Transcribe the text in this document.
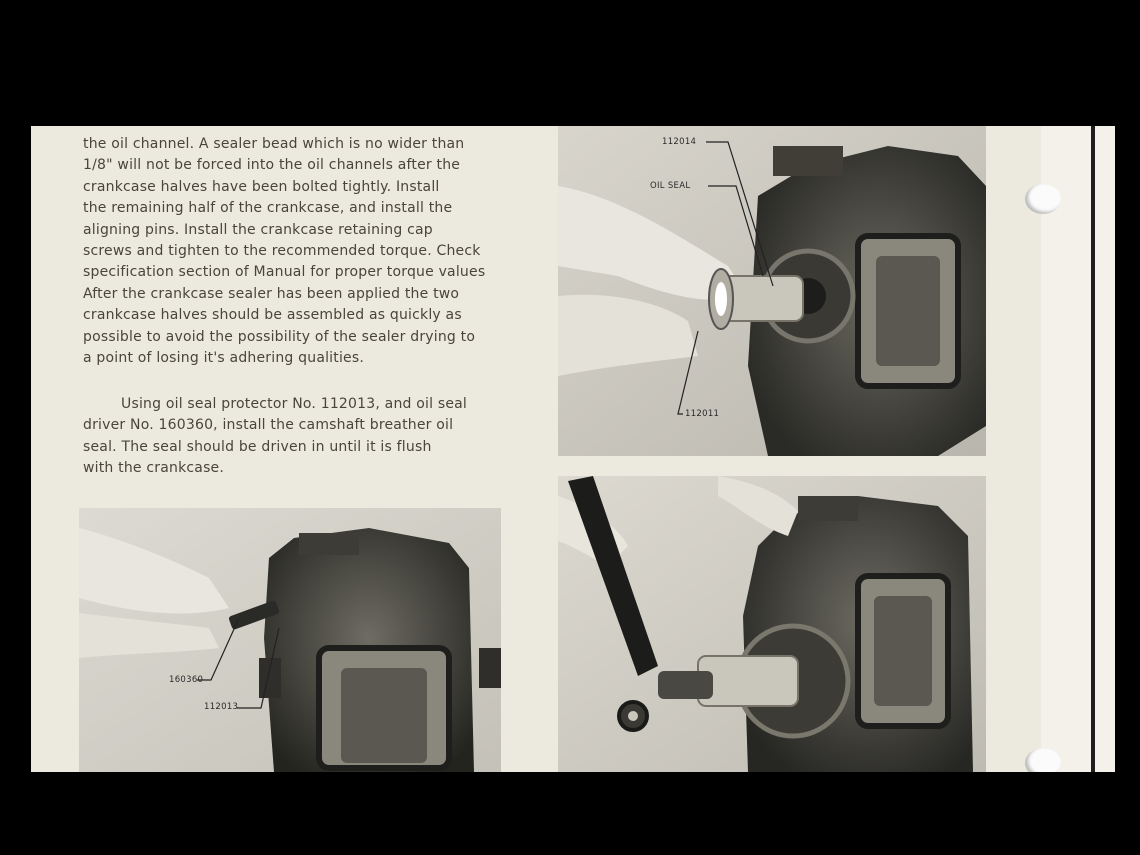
the oil channel. A sealer bead which is no wider than

1/8" will not be forced into the oil channels after the

crankcase halves have been bolted tightly. Install

the remaining half of the crankcase, and install the

aligning pins. Install the crankcase retaining cap

screws and tighten to the recommended torque. Check

specification section of Manual for proper torque values

After the crankcase sealer has been applied the two

crankcase halves should be assembled as quickly as

possible to avoid the possibility of the sealer drying to

a point of losing it's adhering qualities.

Using oil seal protector No. 112013, and oil seal

driver No. 160360, install the camshaft breather oil

seal. The seal should be driven in until it is flush

with the crankcase.

112014
OIL SEAL
112011
160360
112013
